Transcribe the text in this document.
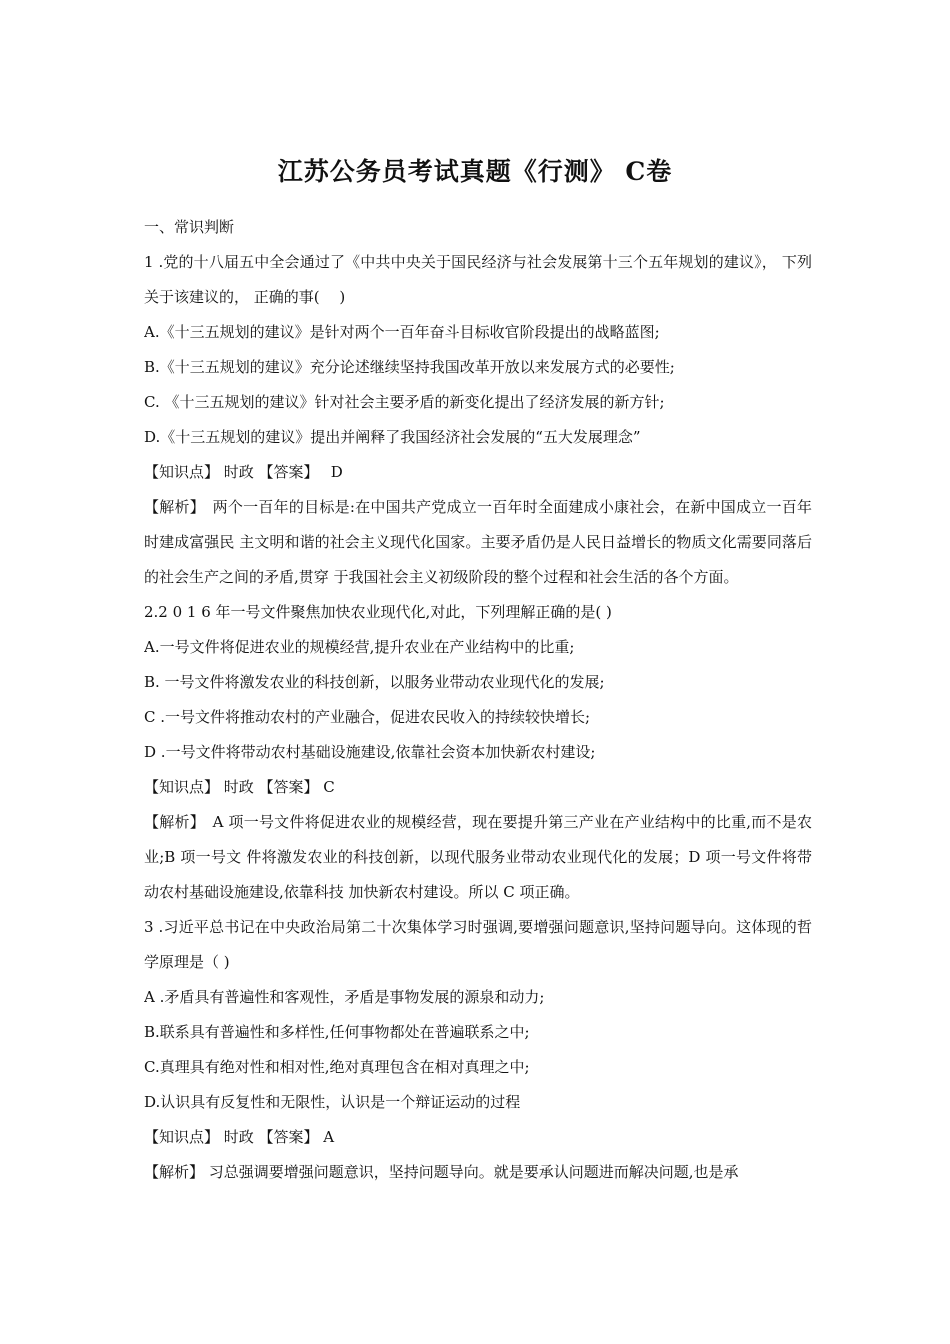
江苏公务员考试真题《行测》 C卷

一、常识判断

1 .党的十八届五中全会通过了《中共中央关于国民经济与社会发展第十三个五年规划的建议》， 下列关于该建议的， 正确的事(　 )

A.《十三五规划的建议》是针对两个一百年奋斗目标收官阶段提出的战略蓝图;

B.《十三五规划的建议》充分论述继续坚持我国改革开放以来发展方式的必要性;

C. 《十三五规划的建议》针对社会主要矛盾的新变化提出了经济发展的新方针;

D.《十三五规划的建议》提出并阐释了我国经济社会发展的“五大发展理念”

【知识点】 时政 【答案】　 D

【解析】　两个一百年的目标是:在中国共产党成立一百年时全面建成小康社会，在新中国成立一百年时建成富强民 主文明和谐的社会主义现代化国家。主要矛盾仍是人民日益增长的物质文化需要同落后的社会生产之间的矛盾,贯穿 于我国社会主义初级阶段的整个过程和社会生活的各个方面。

2.2 0 1 6 年一号文件聚焦加快农业现代化,对此，下列理解正确的是( )

A.一号文件将促进农业的规模经营,提升农业在产业结构中的比重;

B. 一号文件将激发农业的科技创新，以服务业带动农业现代化的发展;

C .一号文件将推动农村的产业融合，促进农民收入的持续较快增长;

D .一号文件将带动农村基础设施建设,依靠社会资本加快新农村建设;

【知识点】 时政 【答案】 C

【解析】　A 项一号文件将促进农业的规模经营，现在要提升第三产业在产业结构中的比重,而不是农业;B 项一号文 件将激发农业的科技创新，以现代服务业带动农业现代化的发展；D 项一号文件将带动农村基础设施建设,依靠科技 加快新农村建设。所以 C 项正确。

3 .习近平总书记在中央政治局第二十次集体学习时强调,要增强问题意识,坚持问题导向。这体现的哲学原理是（ )

A .矛盾具有普遍性和客观性，矛盾是事物发展的源泉和动力;

B.联系具有普遍性和多样性,任何事物都处在普遍联系之中;

C.真理具有绝对性和相对性,绝对真理包含在相对真理之中;

D.认识具有反复性和无限性，认识是一个辩证运动的过程

【知识点】 时政 【答案】 A

【解析】 习总强调要增强问题意识，坚持问题导向。就是要承认问题进而解决问题,也是承
